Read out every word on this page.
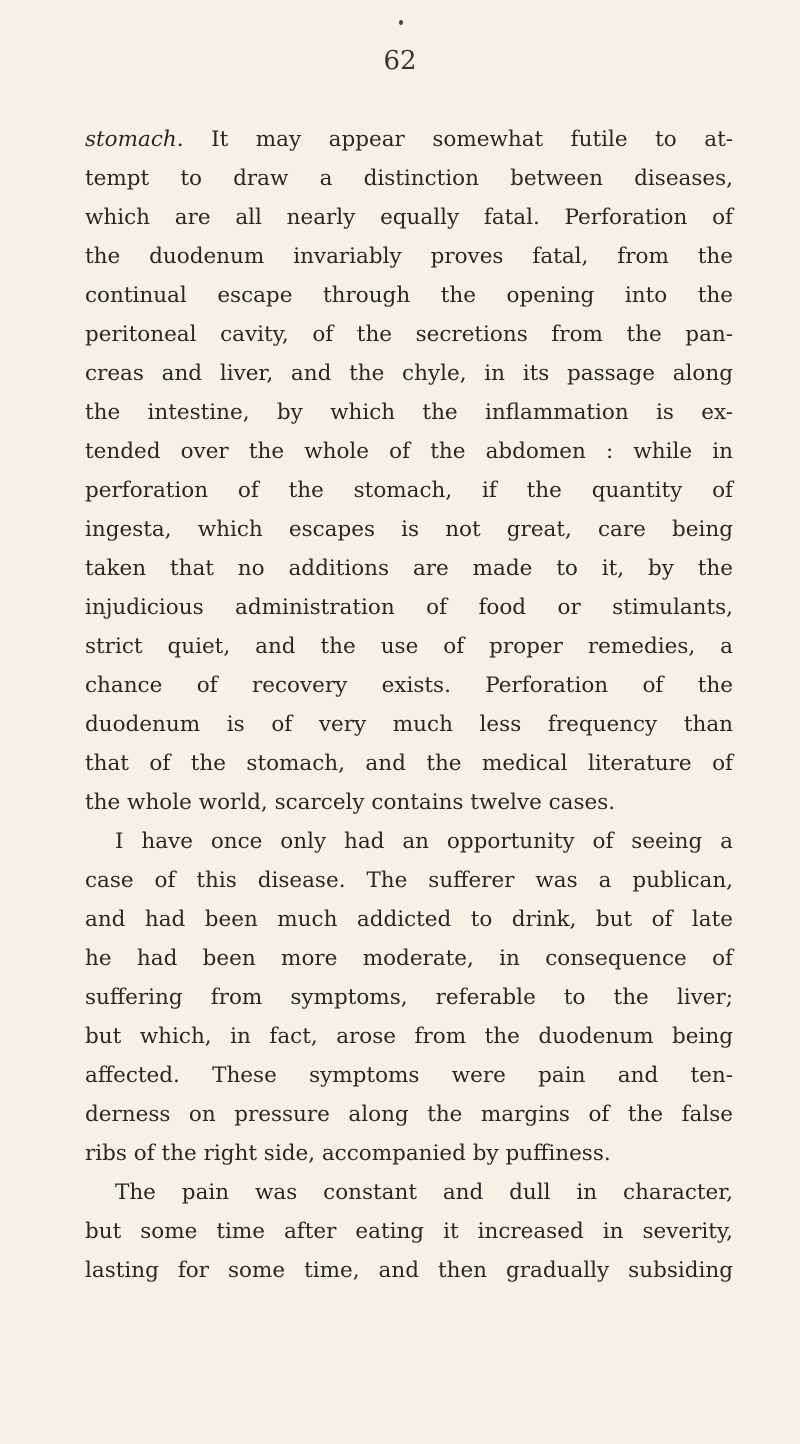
62
stomach. It may appear somewhat futile to at-
tempt to draw a distinction between diseases,
which are all nearly equally fatal. Perforation of
the duodenum invariably proves fatal, from the
continual escape through the opening into the
peritoneal cavity, of the secretions from the pan-
creas and liver, and the chyle, in its passage along
the intestine, by which the inflammation is ex-
tended over the whole of the abdomen : while in
perforation of the stomach, if the quantity of
ingesta, which escapes is not great, care being
taken that no additions are made to it, by the
injudicious administration of food or stimulants,
strict quiet, and the use of proper remedies, a
chance of recovery exists. Perforation of the
duodenum is of very much less frequency than
that of the stomach, and the medical literature of
the whole world, scarcely contains twelve cases.
I have once only had an opportunity of seeing a
case of this disease. The sufferer was a publican,
and had been much addicted to drink, but of late
he had been more moderate, in consequence of
suffering from symptoms, referable to the liver;
but which, in fact, arose from the duodenum being
affected. These symptoms were pain and ten-
derness on pressure along the margins of the false
ribs of the right side, accompanied by puffiness.
The pain was constant and dull in character,
but some time after eating it increased in severity,
lasting for some time, and then gradually subsiding
